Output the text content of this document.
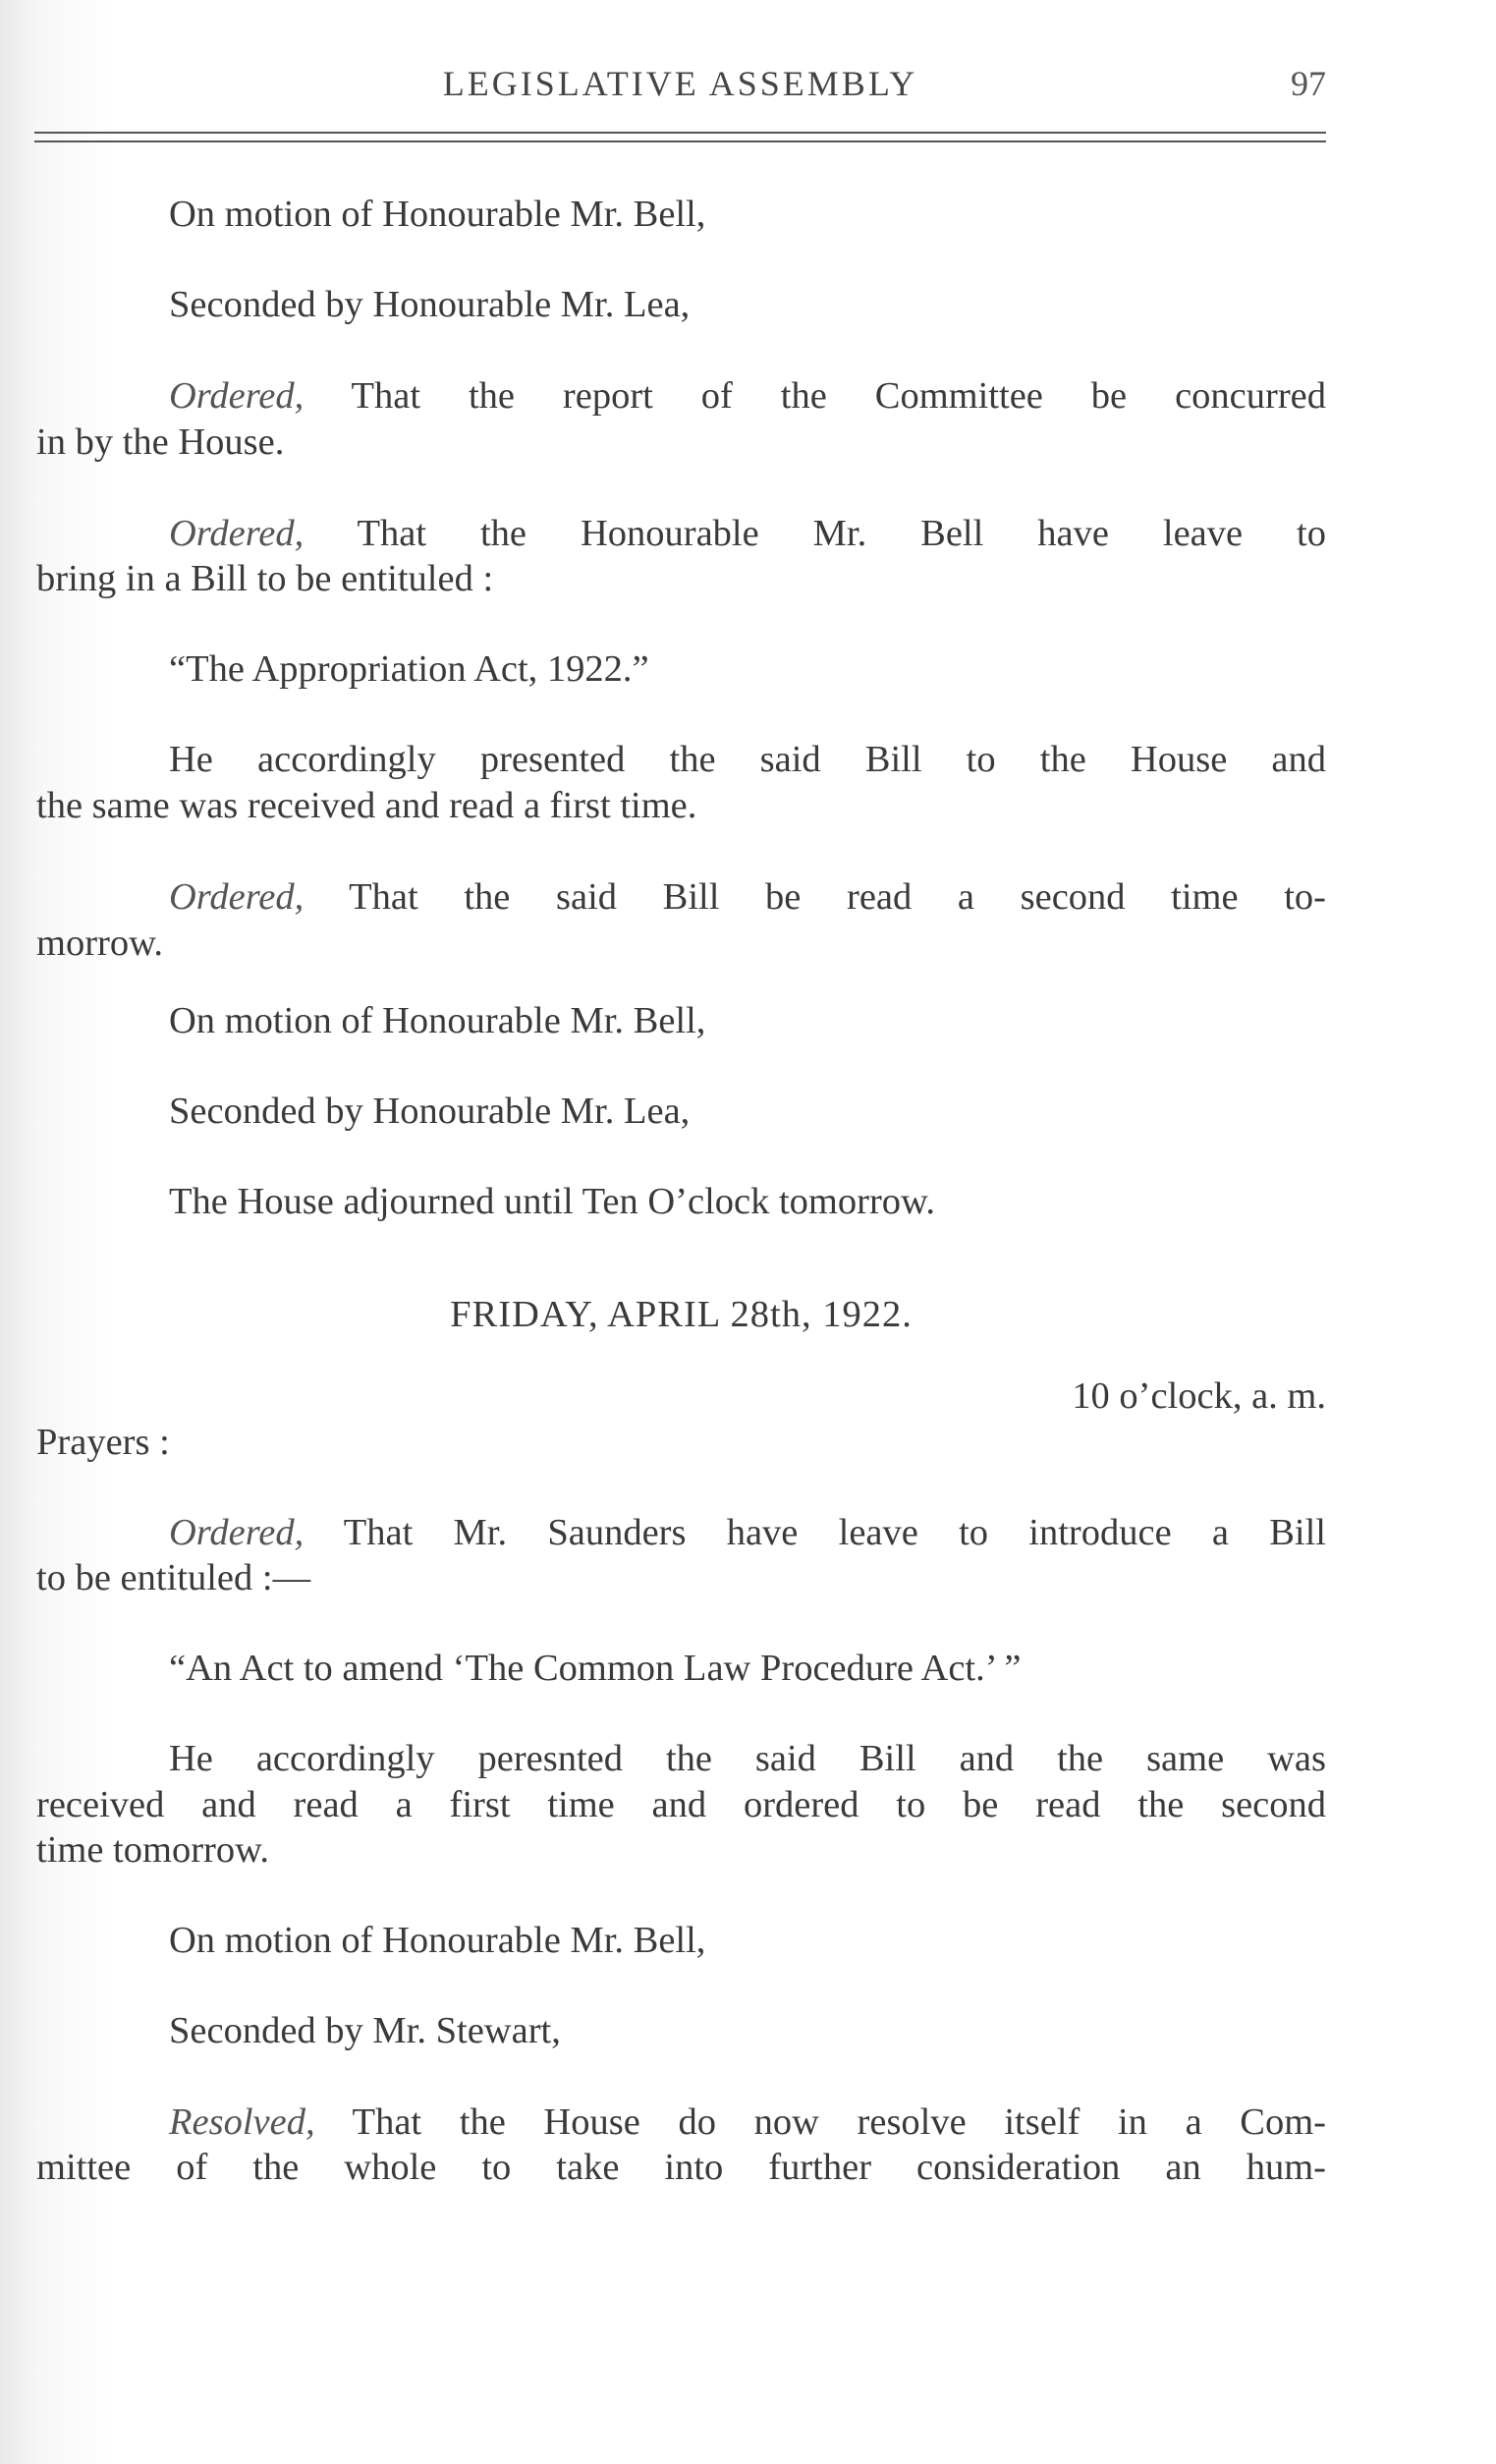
LEGISLATIVE ASSEMBLY	97
On motion of Honourable Mr. Bell,
Seconded by Honourable Mr. Lea,
Ordered, That the report of the Committee be concurred
in by the House.
Ordered, That the Honourable Mr. Bell have leave to
bring in a Bill to be entituled :
“The Appropriation Act, 1922.”
He accordingly presented the said Bill to the House and
the same was received and read a first time.
Ordered, That the said Bill be read a second time to-
morrow.
On motion of Honourable Mr. Bell,
Seconded by Honourable Mr. Lea,
The House adjourned until Ten O’clock tomorrow.
FRIDAY, APRIL 28th, 1922.
10 o’clock, a. m.
Prayers :
Ordered, That Mr. Saunders have leave to introduce a Bill
to be entituled :—
“An Act to amend ‘The Common Law Procedure Act.’ ”
He accordingly peresnted the said Bill and the same was
received and read a first time and ordered to be read the second
time tomorrow.
On motion of Honourable Mr. Bell,
Seconded by Mr. Stewart,
Resolved, That the House do now resolve itself in a Com-
mittee of the whole to take into further consideration an hum-
